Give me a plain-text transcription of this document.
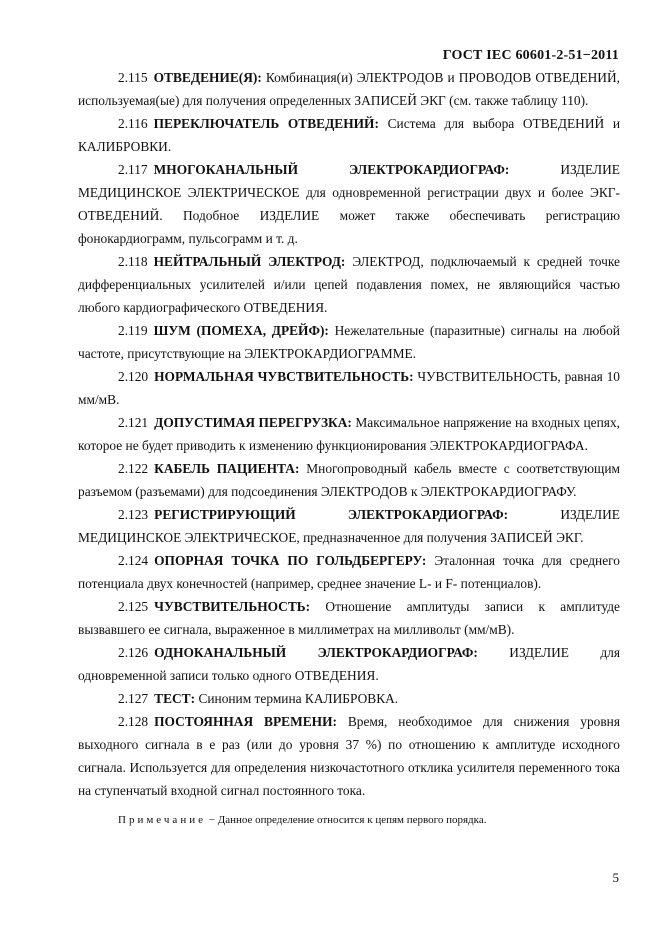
ГОСТ IEC 60601-2-51−2011

2.115 ОТВЕДЕНИЕ(Я): Комбинация(и) ЭЛЕКТРОДОВ и ПРОВОДОВ ОТВЕДЕНИЙ, используемая(ые) для получения определенных ЗАПИСЕЙ ЭКГ (см. также таблицу 110).

2.116 ПЕРЕКЛЮЧАТЕЛЬ ОТВЕДЕНИЙ: Система для выбора ОТВЕДЕНИЙ и КАЛИБРОВКИ.

2.117 МНОГОКАНАЛЬНЫЙ ЭЛЕКТРОКАРДИОГРАФ:	ИЗДЕЛИЕ МЕДИЦИНСКОЕ ЭЛЕКТРИЧЕСКОЕ для одновременной регистрации двух и более ЭКГ-ОТВЕДЕНИЙ. Подобное ИЗДЕЛИЕ может также обеспечивать регистрацию фонокардиограмм, пульсограмм и т. д.

2.118 НЕЙТРАЛЬНЫЙ ЭЛЕКТРОД: ЭЛЕКТРОД, подключаемый к средней точке дифференциальных усилителей и/или цепей подавления помех, не являющийся частью любого кардиографического ОТВЕДЕНИЯ.

2.119 ШУМ (ПОМЕХА, ДРЕЙФ): Нежелательные (паразитные) сигналы на любой частоте, присутствующие на ЭЛЕКТРОКАРДИОГРАММЕ.

2.120 НОРМАЛЬНАЯ ЧУВСТВИТЕЛЬНОСТЬ: ЧУВСТВИТЕЛЬНОСТЬ, равная 10 мм/мВ.

2.121 ДОПУСТИМАЯ ПЕРЕГРУЗКА: Максимальное напряжение на входных цепях, которое не будет приводить к изменению функционирования ЭЛЕКТРОКАРДИОГРАФА.

2.122 КАБЕЛЬ ПАЦИЕНТА: Многопроводный кабель вместе с соответствующим разъемом (разъемами) для подсоединения ЭЛЕКТРОДОВ к ЭЛЕКТРОКАРДИОГРАФУ.

2.123 РЕГИСТРИРУЮЩИЙ ЭЛЕКТРОКАРДИОГРАФ:	ИЗДЕЛИЕ МЕДИЦИНСКОЕ ЭЛЕКТРИЧЕСКОЕ, предназначенное для получения ЗАПИСЕЙ ЭКГ.

2.124 ОПОРНАЯ ТОЧКА ПО ГОЛЬДБЕРГЕРУ: Эталонная точка для среднего потенциала двух конечностей (например, среднее значение L- и F- потенциалов).

2.125 ЧУВСТВИТЕЛЬНОСТЬ: Отношение амплитуды записи к амплитуде вызвавшего ее сигнала, выраженное в миллиметрах на милливольт (мм/мВ).

2.126 ОДНОКАНАЛЬНЫЙ ЭЛЕКТРОКАРДИОГРАФ: ИЗДЕЛИЕ для одновременной записи только одного ОТВЕДЕНИЯ.

2.127 ТЕСТ: Синоним термина КАЛИБРОВКА.

2.128 ПОСТОЯННАЯ ВРЕМЕНИ: Время, необходимое для снижения уровня выходного сигнала в e раз (или до уровня 37 %) по отношению к амплитуде исходного сигнала. Используется для определения низкочастотного отклика усилителя переменного тока на ступенчатый входной сигнал постоянного тока.

Примечание − Данное определение относится к цепям первого порядка.

5
